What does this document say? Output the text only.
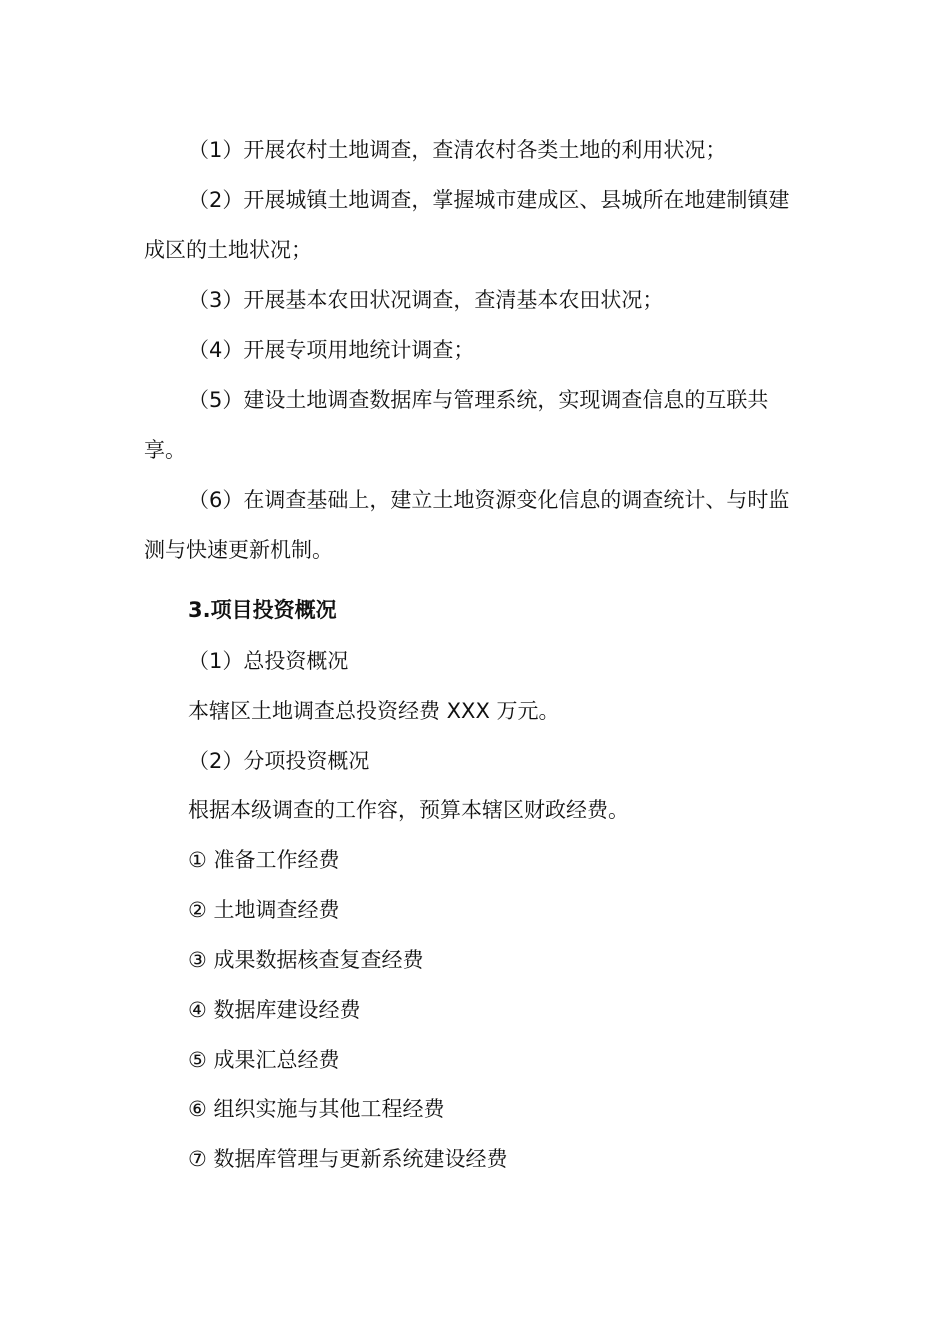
（1）开展农村土地调查，查清农村各类土地的利用状况；

（2）开展城镇土地调查，掌握城市建成区、县城所在地建制镇建成区的土地状况；

（3）开展基本农田状况调查，查清基本农田状况；

（4）开展专项用地统计调查；

（5）建设土地调查数据库与管理系统，实现调查信息的互联共享。

（6）在调查基础上，建立土地资源变化信息的调查统计、与时监测与快速更新机制。

3.项目投资概况

（1）总投资概况

本辖区土地调查总投资经费 XXX 万元。

（2）分项投资概况

根据本级调查的工作容，预算本辖区财政经费。

① 准备工作经费

② 土地调查经费

③ 成果数据核查复查经费

④ 数据库建设经费

⑤ 成果汇总经费

⑥ 组织实施与其他工程经费

⑦ 数据库管理与更新系统建设经费
